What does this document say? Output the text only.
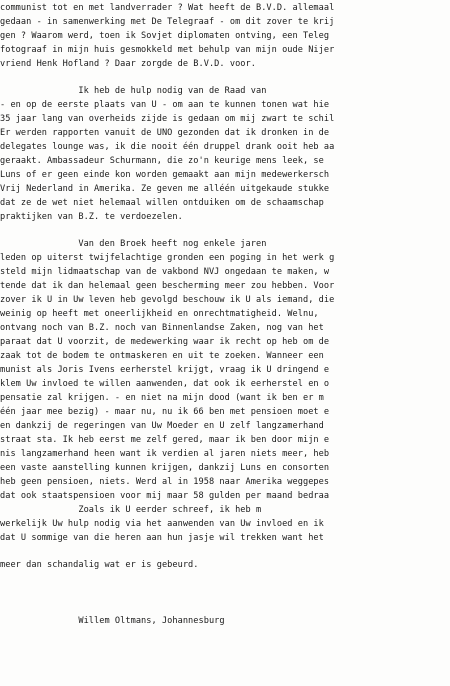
communist tot en met landverrader ? Wat heeft de B.V.D. allemaal
gedaan - in samenwerking met De Telegraaf - om dit zover te krij
gen ? Waarom werd, toen ik Sovjet diplomaten ontving, een Teleg
fotograaf in mijn huis gesmokkeld met behulp van mijn oude Nijer
vriend Henk Hofland ? Daar zorgde de B.V.D. voor.
Ik heb de hulp nodig van de Raad van
- en op de eerste plaats van U - om aan te kunnen tonen wat hie
35 jaar lang van overheids zijde is gedaan om mij zwart te schil
Er werden rapporten vanuit de UNO gezonden dat ik dronken in de
delegates lounge was, ik die nooit één druppel drank ooit heb aa
geraakt. Ambassadeur Schurmann, die zo'n keurige mens leek, se
Luns of er geen einde kon worden gemaakt aan mijn medewerkersch
Vrij Nederland in Amerika. Ze geven me alléén uitgekaude stukke
dat ze de wet niet helemaal willen ontduiken om de schaamschap
praktijken van B.Z. te verdoezelen.
Van den Broek heeft nog enkele jaren
leden op uiterst twijfelachtige gronden een poging in het werk g
steld mijn lidmaatschap van de vakbond NVJ ongedaan te maken, w
tende dat ik dan helemaal geen bescherming meer zou hebben. Voor
zover ik U in Uw leven heb gevolgd beschouw ik U als iemand, die
weinig op heeft met oneerlijkheid en onrechtmatigheid. Welnu,
ontvang noch van B.Z. noch van Binnenlandse Zaken, nog van het
paraat dat U voorzit, de medewerking waar ik recht op heb om de
zaak tot de bodem te ontmaskeren en uit te zoeken. Wanneer een
munist als Joris Ivens eerherstel krijgt, vraag ik U dringend e
klem Uw invloed te willen aanwenden, dat ook ik eerherstel en o
pensatie zal krijgen. - en niet na mijn dood (want ik ben er m
één jaar mee bezig) - maar nu, nu ik 66 ben met pensioen moet e
en dankzij de regeringen van Uw Moeder en U zelf langzamerhand
straat sta. Ik heb eerst me zelf gered, maar ik ben door mijn e
nis langzamerhand heen want ik verdien al jaren niets meer, heb
een vaste aanstelling kunnen krijgen, dankzij Luns en consorten
heb geen pensioen, niets. Werd al in 1958 naar Amerika weggepes
dat ook staatspensioen voor mij maar 58 gulden per maand bedraa
Zoals ik U eerder schreef, ik heb m
werkelijk Uw hulp nodig via het aanwenden van Uw invloed en ik
dat U sommige van die heren aan hun jasje wil trekken want het
meer dan schandalig wat er is gebeurd.
Willem Oltmans, Johannesburg
